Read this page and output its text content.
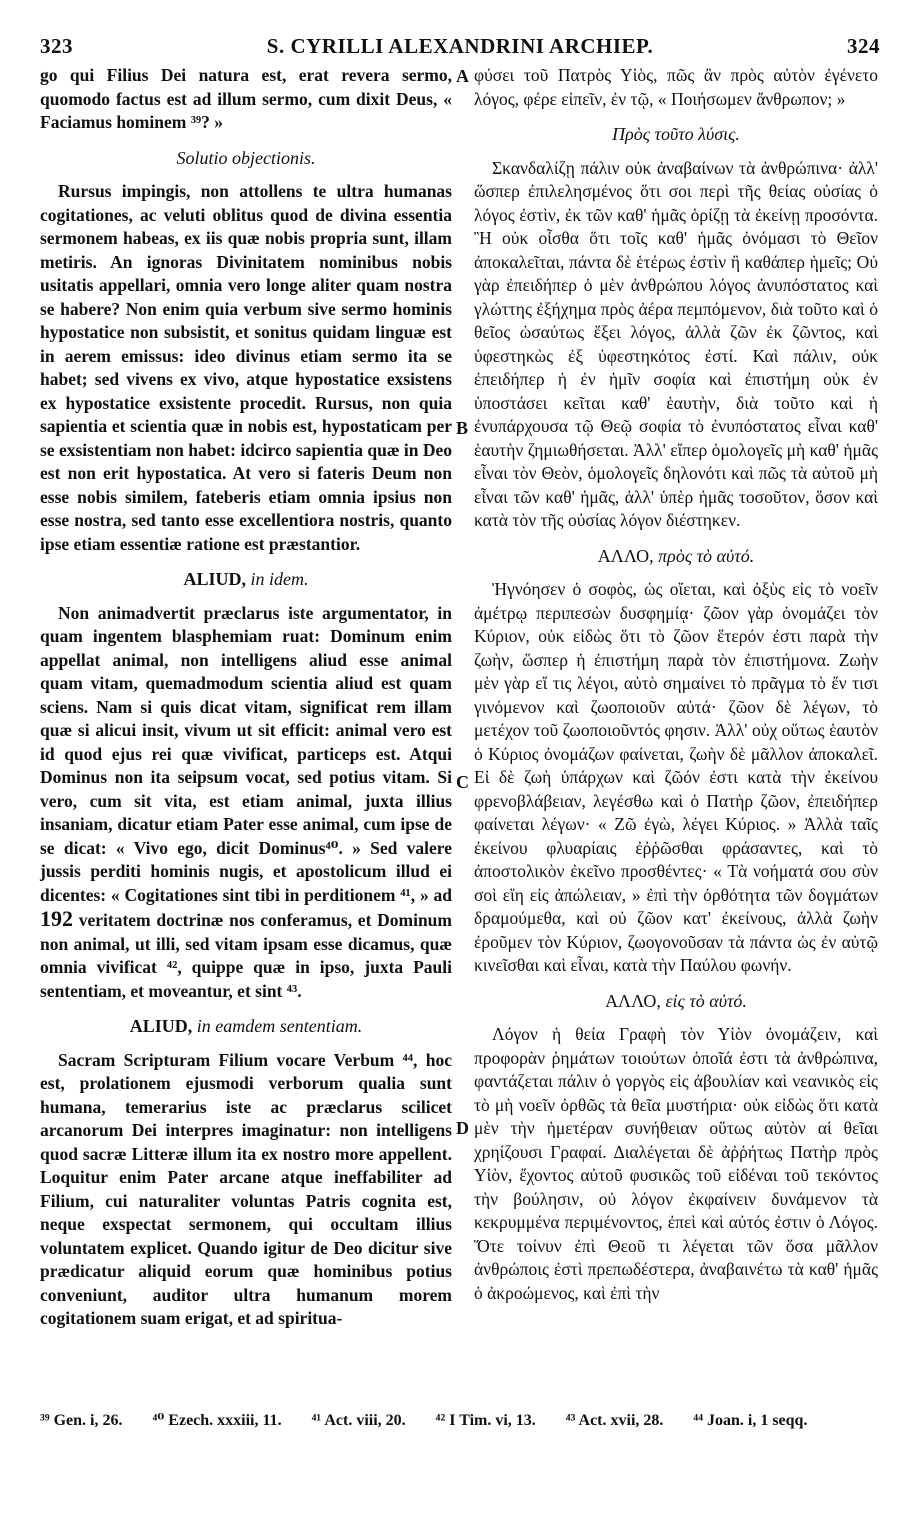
323	S. CYRILLI ALEXANDRINI ARCHIEP.	324
A
B
C
D

go qui Filius Dei natura est, erat revera sermo, quomodo factus est ad illum sermo, cum dixit Deus, « Faciamus hominem ³⁹? »

Solutio objectionis.

Rursus impingis, non attollens te ultra humanas cogitationes, ac veluti oblitus quod de divina essentia sermonem habeas, ex iis quæ nobis propria sunt, illam metiris. An ignoras Divinitatem nominibus nobis usitatis appellari, omnia vero longe aliter quam nostra se habere? Non enim quia verbum sive sermo hominis hypostatice non subsistit, et sonitus quidam linguæ est in aerem emissus: ideo divinus etiam sermo ita se habet; sed vivens ex vivo, atque hypostatice exsistens ex hypostatice exsistente procedit. Rursus, non quia sapientia et scientia quæ in nobis est, hypostaticam per se exsistentiam non habet: idcirco sapientia quæ in Deo est non erit hypostatica. At vero si fateris Deum non esse nobis similem, fateberis etiam omnia ipsius non esse nostra, sed tanto esse excellentiora nostris, quanto ipse etiam essentiæ ratione est præstantior.

ALIUD, in idem.

Non animadvertit præclarus iste argumentator, in quam ingentem blasphemiam ruat: Dominum enim appellat animal, non intelligens aliud esse animal quam vitam, quemadmodum scientia aliud est quam sciens. Nam si quis dicat vitam, significat rem illam quæ si alicui insit, vivum ut sit efficit: animal vero est id quod ejus rei quæ vivificat, particeps est. Atqui Dominus non ita seipsum vocat, sed potius vitam. Si vero, cum sit vita, est etiam animal, juxta illius insaniam, dicatur etiam Pater esse animal, cum ipse de se dicat: « Vivo ego, dicit Dominus⁴⁰. » Sed valere jussis perditi hominis nugis, et apostolicum illud ei dicentes: « Cogitationes sint tibi in perditionem ⁴¹, » ad 192 veritatem doctrinæ nos conferamus, et Dominum non animal, ut illi, sed vitam ipsam esse dicamus, quæ omnia vivificat ⁴², quippe quæ in ipso, juxta Pauli sententiam, et moveantur, et sint ⁴³.

ALIUD, in eamdem sententiam.

Sacram Scripturam Filium vocare Verbum ⁴⁴, hoc est, prolationem ejusmodi verborum qualia sunt humana, temerarius iste ac præclarus scilicet arcanorum Dei interpres imaginatur: non intelligens quod sacræ Litteræ illum ita ex nostro more appellent. Loquitur enim Pater arcane atque ineffabiliter ad Filium, cui naturaliter voluntas Patris cognita est, neque exspectat sermonem, qui occultam illius voluntatem explicet. Quando igitur de Deo dicitur sive prædicatur aliquid eorum quæ hominibus potius conveniunt, auditor ultra humanum morem cogitationem suam erigat, et ad spiritua-

φύσει τοῦ Πατρὸς Υἱὸς, πῶς ἂν πρὸς αὐτὸν ἐγένετο λόγος, φέρε εἰπεῖν, ἐν τῷ, « Ποιήσωμεν ἄνθρωπον; »

Πρὸς τοῦτο λύσις.

Σκανδαλίζῃ πάλιν οὐκ ἀναβαίνων τὰ ἀνθρώπινα· ἀλλ' ὥσπερ ἐπιλελησμένος ὅτι σοι περὶ τῆς θείας οὐσίας ὁ λόγος ἐστὶν, ἐκ τῶν καθ' ἡμᾶς ὁρίζῃ τὰ ἐκείνῃ προσόντα. Ἢ οὐκ οἶσθα ὅτι τοῖς καθ' ἡμᾶς ὀνόμασι τὸ Θεῖον ἀποκαλεῖται, πάντα δὲ ἑτέρως ἐστὶν ἢ καθάπερ ἡμεῖς; Οὐ γὰρ ἐπειδήπερ ὁ μὲν ἀνθρώπου λόγος ἀνυπόστατος καὶ γλώττης ἐξήχημα πρὸς ἀέρα πεμπόμενον, διὰ τοῦτο καὶ ὁ θεῖος ὡσαύτως ἕξει λόγος, ἀλλὰ ζῶν ἐκ ζῶντος, καὶ ὑφεστηκὼς ἐξ ὑφεστηκότος ἐστί. Καὶ πάλιν, οὐκ ἐπειδήπερ ἡ ἐν ἡμῖν σοφία καὶ ἐπιστήμη οὐκ ἐν ὑποστάσει κεῖται καθ' ἑαυτὴν, διὰ τοῦτο καὶ ἡ ἐνυπάρχουσα τῷ Θεῷ σοφία τὸ ἐνυπόστατος εἶναι καθ' ἑαυτὴν ζημιωθήσεται. Ἀλλ' εἴπερ ὁμολογεῖς μὴ καθ' ἡμᾶς εἶναι τὸν Θεὸν, ὁμολογεῖς δηλονότι καὶ πῶς τὰ αὐτοῦ μὴ εἶναι τῶν καθ' ἡμᾶς, ἀλλ' ὑπὲρ ἡμᾶς τοσοῦτον, ὅσον καὶ κατὰ τὸν τῆς οὐσίας λόγον διέστηκεν.

ΑΛΛΟ, πρὸς τὸ αὐτό.

Ἠγνόησεν ὁ σοφὸς, ὡς οἴεται, καὶ ὀξὺς εἰς τὸ νοεῖν ἀμέτρῳ περιπεσὼν δυσφημίᾳ· ζῶον γὰρ ὀνομάζει τὸν Κύριον, οὐκ εἰδὼς ὅτι τὸ ζῶον ἕτερόν ἐστι παρὰ τὴν ζωὴν, ὥσπερ ἡ ἐπιστήμη παρὰ τὸν ἐπιστήμονα. Ζωὴν μὲν γὰρ εἴ τις λέγοι, αὐτὸ σημαίνει τὸ πρᾶγμα τὸ ἔν τισι γινόμενον καὶ ζωοποιοῦν αὐτά· ζῶον δὲ λέγων, τὸ μετέχον τοῦ ζωοποιοῦντός φησιν. Ἀλλ' οὐχ οὕτως ἑαυτὸν ὁ Κύριος ὀνομάζων φαίνεται, ζωὴν δὲ μᾶλλον ἀποκαλεῖ. Εἰ δὲ ζωὴ ὑπάρχων καὶ ζῶόν ἐστι κατὰ τὴν ἐκείνου φρενοβλάβειαν, λεγέσθω καὶ ὁ Πατὴρ ζῶον, ἐπειδήπερ φαίνεται λέγων· « Ζῶ ἐγὼ, λέγει Κύριος. » Ἀλλὰ ταῖς ἐκείνου φλυαρίαις ἐῤῥῶσθαι φράσαντες, καὶ τὸ ἀποστολικὸν ἐκεῖνο προσθέντες· « Τὰ νοήματά σου σὺν σοὶ εἴη εἰς ἀπώλειαν, » ἐπὶ τὴν ὀρθότητα τῶν δογμάτων δραμούμεθα, καὶ οὐ ζῶον κατ' ἐκείνους, ἀλλὰ ζωὴν ἐροῦμεν τὸν Κύριον, ζωογονοῦσαν τὰ πάντα ὡς ἐν αὐτῷ κινεῖσθαι καὶ εἶναι, κατὰ τὴν Παύλου φωνήν.

ΑΛΛΟ, εἰς τὸ αὐτό.

Λόγον ἡ θεία Γραφὴ τὸν Υἱὸν ὀνομάζειν, καὶ προφορὰν ῥημάτων τοιούτων ὁποῖά ἐστι τὰ ἀνθρώπινα, φαντάζεται πάλιν ὁ γοργὸς εἰς ἀβουλίαν καὶ νεανικὸς εἰς τὸ μὴ νοεῖν ὀρθῶς τὰ θεῖα μυστήρια· οὐκ εἰδὼς ὅτι κατὰ μὲν τὴν ἡμετέραν συνήθειαν οὕτως αὐτὸν αἱ θεῖαι χρηίζουσι Γραφαί. Διαλέγεται δὲ ἀῤῥήτως Πατὴρ πρὸς Υἱὸν, ἔχοντος αὐτοῦ φυσικῶς τοῦ εἰδέναι τοῦ τεκόντος τὴν βούλησιν, οὐ λόγον ἐκφαίνειν δυνάμενον τὰ κεκρυμμένα περιμένοντος, ἐπεὶ καὶ αὐτός ἐστιν ὁ Λόγος. Ὅτε τοίνυν ἐπὶ Θεοῦ τι λέγεται τῶν ὅσα μᾶλλον ἀνθρώποις ἐστὶ πρεπωδέστερα, ἀναβαινέτω τὰ καθ' ἡμᾶς ὁ ἀκροώμενος, καὶ ἐπὶ τὴν

³⁹ Gen. i, 26. ⁴⁰ Ezech. xxxiii, 11. ⁴¹ Act. viii, 20. ⁴² I Tim. vi, 13. ⁴³ Act. xvii, 28. ⁴⁴ Joan. i, 1 seqq.
